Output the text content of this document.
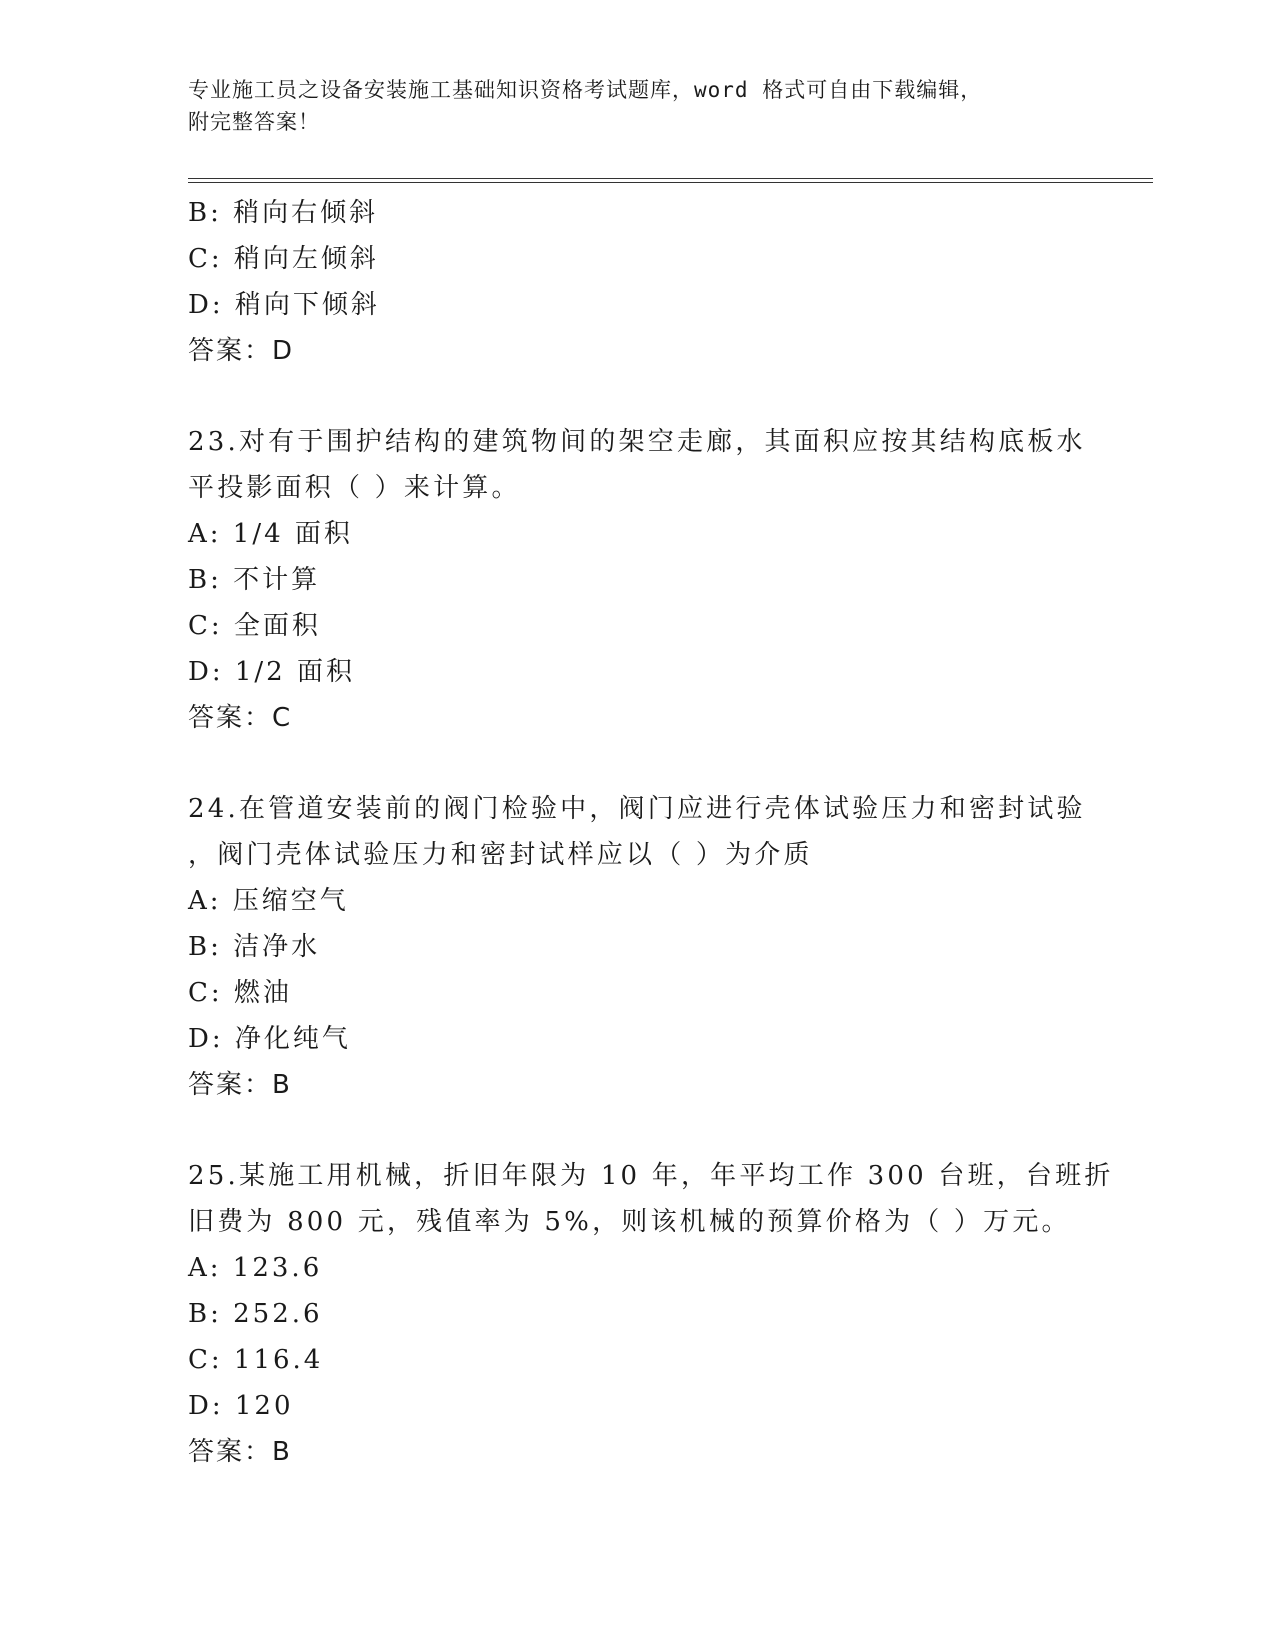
专业施工员之设备安装施工基础知识资格考试题库，word 格式可自由下载编辑，
附完整答案！
B: 稍向右倾斜
C: 稍向左倾斜
D: 稍向下倾斜
答案：D
23.对有于围护结构的建筑物间的架空走廊，其面积应按其结构底板水
平投影面积（ ）来计算。
A: 1/4 面积
B: 不计算
C: 全面积
D: 1/2 面积
答案：C
24.在管道安装前的阀门检验中，阀门应进行壳体试验压力和密封试验
，阀门壳体试验压力和密封试样应以（ ）为介质
A: 压缩空气
B: 洁净水
C: 燃油
D: 净化纯气
答案：B
25.某施工用机械，折旧年限为 10 年，年平均工作 300 台班，台班折
旧费为 800 元，残值率为 5%，则该机械的预算价格为（ ）万元。
A: 123.6
B: 252.6
C: 116.4
D: 120
答案：B
